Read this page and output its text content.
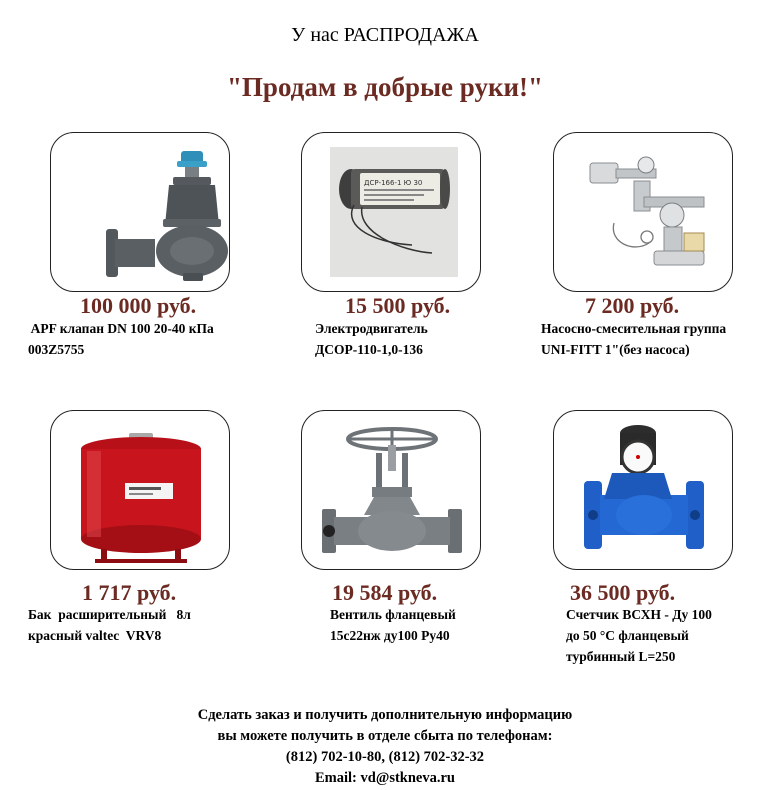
У нас РАСПРОДАЖА
"Продам в добрые руки!"
100 000 руб.
APF клапан DN 100 20-40 кПа
003Z5755
ДСР-166-1 Ю 30
15 500 руб.
Электродвигатель
ДСОР-110-1,0-136
7 200 руб.
Насосно-смесительная группа
UNI-FITT 1"(без насоса)
1 717 руб.
Бак  расширительный   8л
красный valtec  VRV8
19 584 руб.
Вентиль фланцевый
15с22нж ду100 Ру40
36 500 руб.
Счетчик ВСХН - Ду 100
до 50 °С фланцевый
турбинный L=250
Сделать заказ и получить дополнительную информацию
вы можете получить в отделе сбыта по телефонам:
(812) 702-10-80, (812) 702-32-32
Email: vd@stkneva.ru
